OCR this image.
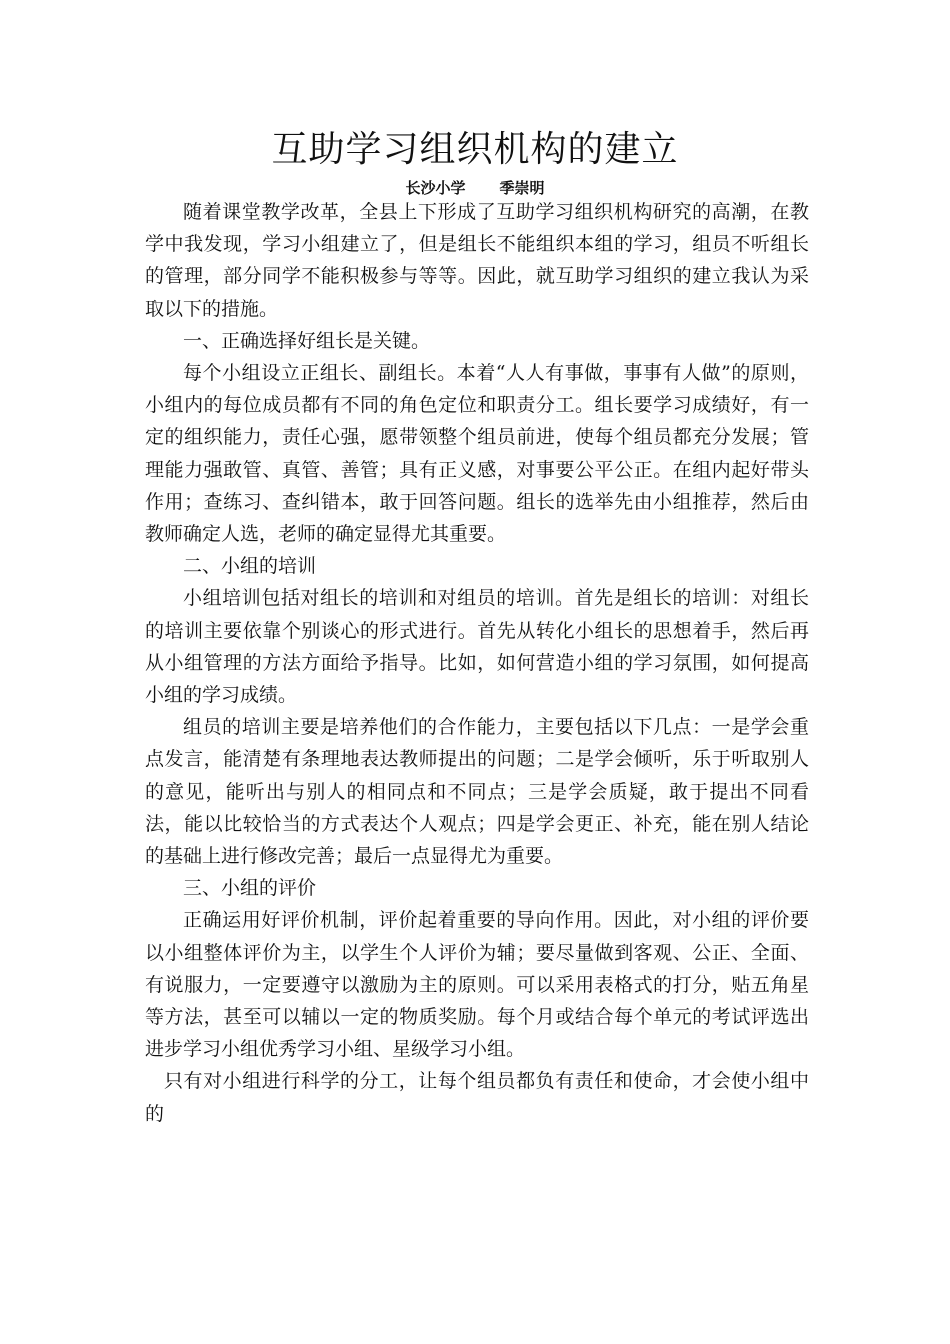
互助学习组织机构的建立
长沙小学 季崇明

随着课堂教学改革，全县上下形成了互助学习组织机构研究的高潮，在教学中我发现，学习小组建立了，但是组长不能组织本组的学习，组员不听组长的管理，部分同学不能积极参与等等。因此，就互助学习组织的建立我认为采取以下的措施。

一、正确选择好组长是关键。

每个小组设立正组长、副组长。本着“人人有事做，事事有人做”的原则，小组内的每位成员都有不同的角色定位和职责分工。组长要学习成绩好，有一定的组织能力，责任心强，愿带领整个组员前进，使每个组员都充分发展；管理能力强敢管、真管、善管；具有正义感，对事要公平公正。在组内起好带头作用；查练习、查纠错本，敢于回答问题。组长的选举先由小组推荐，然后由教师确定人选，老师的确定显得尤其重要。

二、小组的培训

小组培训包括对组长的培训和对组员的培训。首先是组长的培训：对组长的培训主要依靠个别谈心的形式进行。首先从转化小组长的思想着手，然后再从小组管理的方法方面给予指导。比如，如何营造小组的学习氛围，如何提高小组的学习成绩。

组员的培训主要是培养他们的合作能力，主要包括以下几点：一是学会重点发言，能清楚有条理地表达教师提出的问题；二是学会倾听，乐于听取别人的意见，能听出与别人的相同点和不同点；三是学会质疑，敢于提出不同看法，能以比较恰当的方式表达个人观点；四是学会更正、补充，能在别人结论的基础上进行修改完善；最后一点显得尤为重要。

三、小组的评价

正确运用好评价机制，评价起着重要的导向作用。因此，对小组的评价要以小组整体评价为主，以学生个人评价为辅；要尽量做到客观、公正、全面、有说服力，一定要遵守以激励为主的原则。可以采用表格式的打分，贴五角星等方法，甚至可以辅以一定的物质奖励。每个月或结合每个单元的考试评选出进步学习小组优秀学习小组、星级学习小组。

只有对小组进行科学的分工，让每个组员都负有责任和使命，才会使小组中的
